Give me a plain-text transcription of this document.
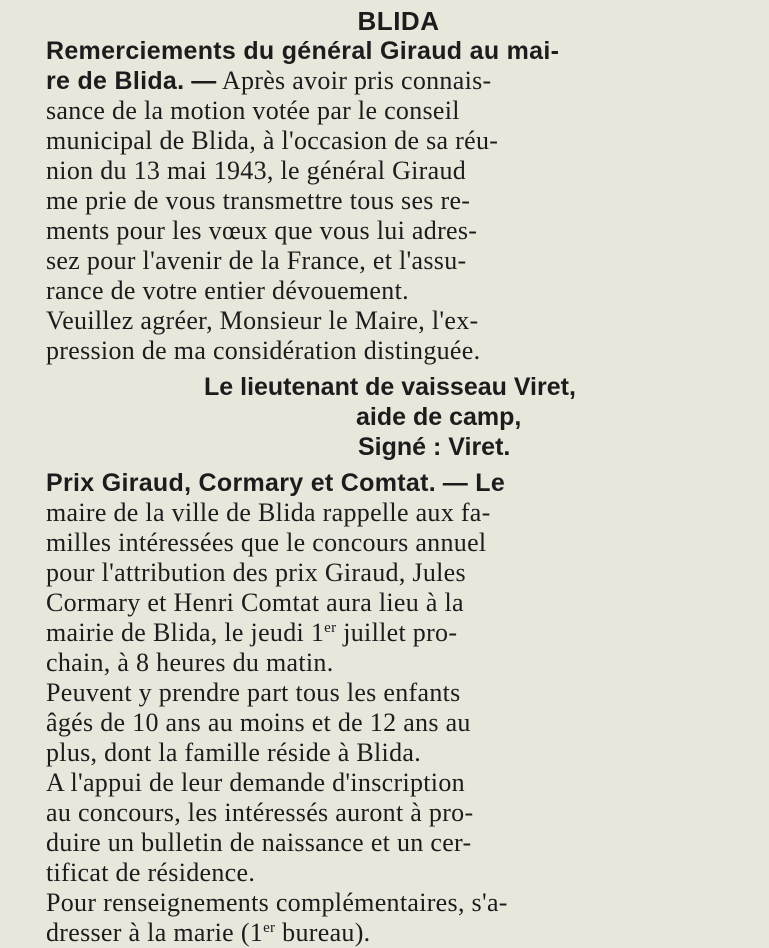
BLIDA

Remerciements du général Giraud au mai-
re de Blida. — Après avoir pris connais-
sance de la motion votée par le conseil
municipal de Blida, à l'occasion de sa réu-
nion du 13 mai 1943, le général Giraud
me prie de vous transmettre tous ses re-
ments pour les vœux que vous lui adres-
sez pour l'avenir de la France, et l'assu-
rance de votre entier dévouement.
Veuillez agréer, Monsieur le Maire, l'ex-
pression de ma considération distinguée.

Le lieutenant de vaisseau Viret,

aide de camp,

Signé : Viret.

Prix Giraud, Cormary et Comtat. — Le
maire de la ville de Blida rappelle aux fa-
milles intéressées que le concours annuel
pour l'attribution des prix Giraud, Jules
Cormary et Henri Comtat aura lieu à la
mairie de Blida, le jeudi 1er juillet pro-
chain, à 8 heures du matin.
Peuvent y prendre part tous les enfants
âgés de 10 ans au moins et de 12 ans au
plus, dont la famille réside à Blida.
A l'appui de leur demande d'inscription
au concours, les intéressés auront à pro-
duire un bulletin de naissance et un cer-
tificat de résidence.
Pour renseignements complémentaires, s'a-
dresser à la marie (1er bureau).
